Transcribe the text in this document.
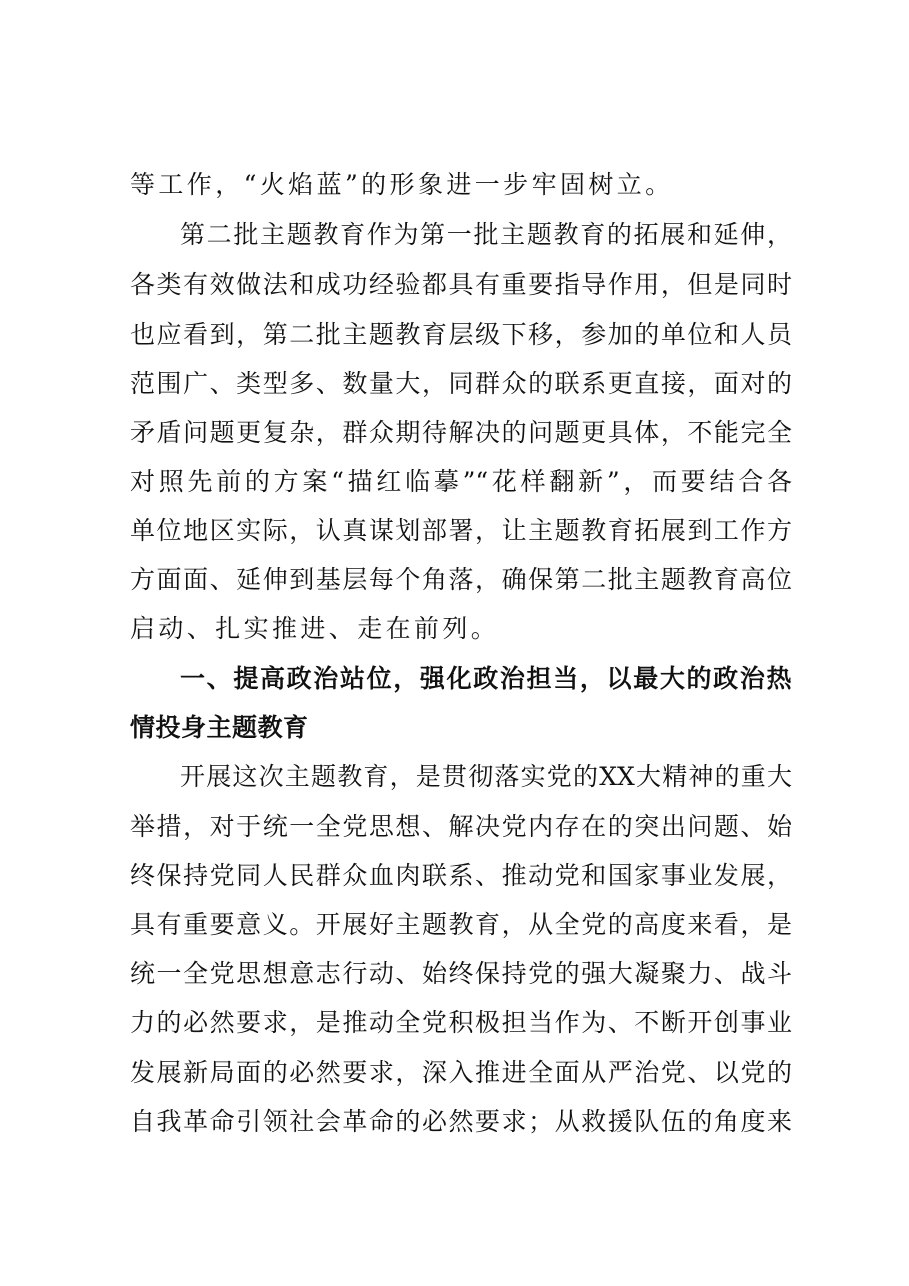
等工作，“火焰蓝”的形象进一步牢固树立。

第二批主题教育作为第一批主题教育的拓展和延伸，

各类有效做法和成功经验都具有重要指导作用，但是同时

也应看到，第二批主题教育层级下移，参加的单位和人员

范围广、类型多、数量大，同群众的联系更直接，面对的

矛盾问题更复杂，群众期待解决的问题更具体，不能完全

对照先前的方案“描红临摹”“花样翻新”，而要结合各

单位地区实际，认真谋划部署，让主题教育拓展到工作方

方面面、延伸到基层每个角落，确保第二批主题教育高位

启动、扎实推进、走在前列。

一、提高政治站位，强化政治担当，以最大的政治热
情投身主题教育

开展这次主题教育，是贯彻落实党的XX大精神的重大

举措，对于统一全党思想、解决党内存在的突出问题、始

终保持党同人民群众血肉联系、推动党和国家事业发展，

具有重要意义。开展好主题教育，从全党的高度来看，是

统一全党思想意志行动、始终保持党的强大凝聚力、战斗

力的必然要求，是推动全党积极担当作为、不断开创事业

发展新局面的必然要求，深入推进全面从严治党、以党的

自我革命引领社会革命的必然要求；从救援队伍的角度来
